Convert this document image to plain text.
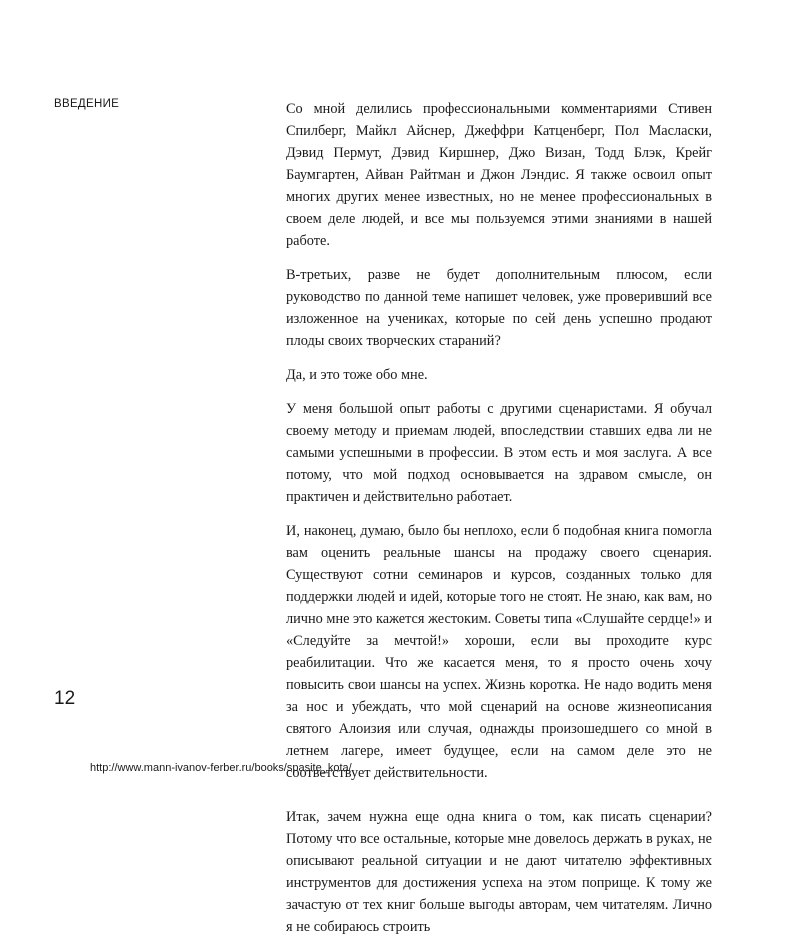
ВВЕДЕНИЕ	Со мной делились профессиональными комментариями Стивен Спилберг, Майкл Айснер, Джеффри Катценберг, Пол Масласки, Дэвид Пермут, Дэвид Киршнер, Джо Визан, Тодд Блэк, Крейг Баумгартен, Айван Райтман и Джон Лэндис. Я также освоил опыт многих других менее известных, но не менее профессиональных в своем деле людей, и все мы пользуемся этими знаниями в нашей работе.

В-третьих, разве не будет дополнительным плюсом, если руководство по данной теме напишет человек, уже проверивший все изложенное на учениках, которые по сей день успешно продают плоды своих творческих стараний?

Да, и это тоже обо мне.

У меня большой опыт работы с другими сценаристами. Я обучал своему методу и приемам людей, впоследствии ставших едва ли не самыми успешными в профессии. В этом есть и моя заслуга. А все потому, что мой подход основывается на здравом смысле, он практичен и действительно работает.

И, наконец, думаю, было бы неплохо, если б подобная книга помогла вам оценить реальные шансы на продажу своего сценария. Существуют сотни семинаров и курсов, созданных только для поддержки людей и идей, которые того не стоят. Не знаю, как вам, но лично мне это кажется жестоким. Советы типа «Слушайте сердце!» и «Следуйте за мечтой!» хороши, если вы проходите курс реабилитации. Что же касается меня, то я просто очень хочу повысить свои шансы на успех. Жизнь коротка. Не надо водить меня за нос и убеждать, что мой сценарий на основе жизнеописания святого Алоизия или случая, однажды произошедшего со мной в летнем лагере, имеет будущее, если на самом деле это не соответствует действительности.

Итак, зачем нужна еще одна книга о том, как писать сценарии? Потому что все остальные, которые мне довелось держать в руках, не описывают реальной ситуации и не дают читателю эффективных инструментов для достижения успеха на этом поприще. К тому же зачастую от тех книг больше выгоды авторам, чем читателям. Лично я не собираюсь строить

12
http://www.mann-ivanov-ferber.ru/books/spasite_kota/
